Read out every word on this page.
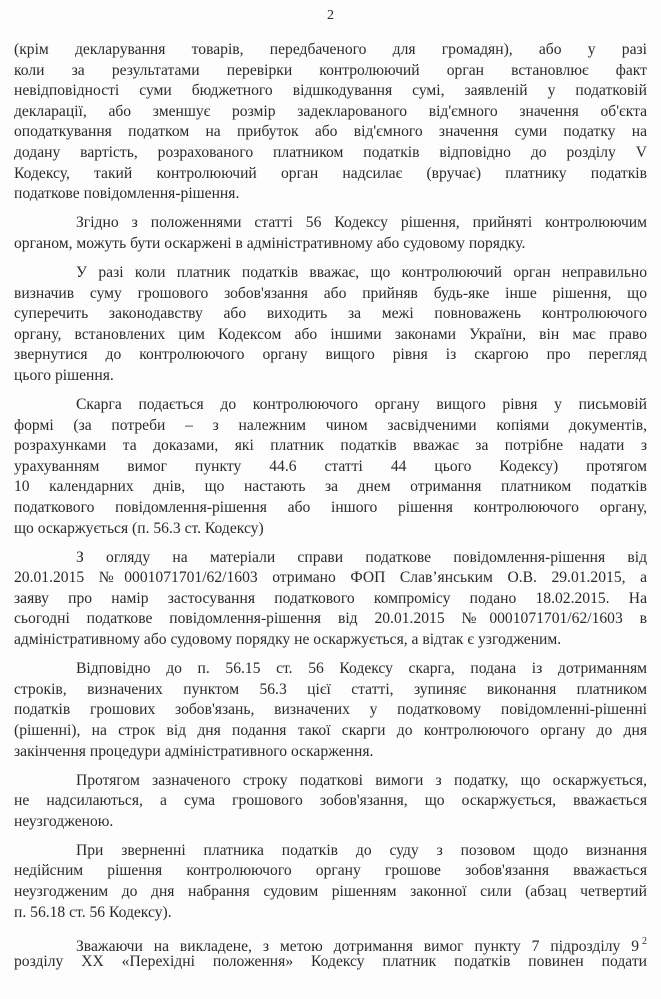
2
(крім декларування товарів, передбаченого для громадян), або у разі
коли за результатами перевірки контролюючий орган встановлює факт
невідповідності суми бюджетного відшкодування сумі, заявленій у податковій
декларації, або зменшує розмір задекларованого від'ємного значення об'єкта
оподаткування податком на прибуток або від'ємного значення суми податку на
додану вартість, розрахованого платником податків відповідно до розділу V
Кодексу, такий контролюючий орган надсилає (вручає) платнику податків
податкове повідомлення-рішення.
Згідно з положеннями статті 56 Кодексу рішення, прийняті контролюючим
органом, можуть бути оскаржені в адміністративному або судовому порядку.
У разі коли платник податків вважає, що контролюючий орган неправильно
визначив суму грошового зобов'язання або прийняв будь-яке інше рішення, що
суперечить законодавству або виходить за межі повноважень контролюючого
органу, встановлених цим Кодексом або іншими законами України, він має право
звернутися до контролюючого органу вищого рівня із скаргою про перегляд
цього рішення.
Скарга подається до контролюючого органу вищого рівня у письмовій
формі (за потреби – з належним чином засвідченими копіями документів,
розрахунками та доказами, які платник податків вважає за потрібне надати з
урахуванням вимог пункту 44.6 статті 44 цього Кодексу) протягом
10 календарних днів, що настають за днем отримання платником податків
податкового повідомлення-рішення або іншого рішення контролюючого органу,
що оскаржується (п. 56.3 ст. Кодексу)
З огляду на матеріали справи податкове повідомлення-рішення від
20.01.2015 №0001071701/62/1603 отримано ФОП Слав’янським О.В. 29.01.2015, а
заяву про намір застосування податкового компромісу подано 18.02.2015. На
сьогодні податкове повідомлення-рішення від 20.01.2015 №0001071701/62/1603 в
адміністративному або судовому порядку не оскаржується, а відтак є узгодженим.
Відповідно до п. 56.15 ст. 56 Кодексу скарга, подана із дотриманням
строків, визначених пунктом 56.3 цієї статті, зупиняє виконання платником
податків грошових зобов'язань, визначених у податковому повідомленні-рішенні
(рішенні), на строк від дня подання такої скарги до контролюючого органу до дня
закінчення процедури адміністративного оскарження.
Протягом зазначеного строку податкові вимоги з податку, що оскаржується,
не надсилаються, а сума грошового зобов'язання, що оскаржується, вважається
неузгодженою.
При зверненні платника податків до суду з позовом щодо визнання
недійсним рішення контролюючого органу грошове зобов'язання вважається
неузгодженим до дня набрання судовим рішенням законної сили (абзац четвертий
п. 56.18 ст. 56 Кодексу).
Зважаючи на викладене, з метою дотримання вимог пункту 7 підрозділу 9 $^2$
розділу XX «Перехідні положення» Кодексу платник податків повинен подати
